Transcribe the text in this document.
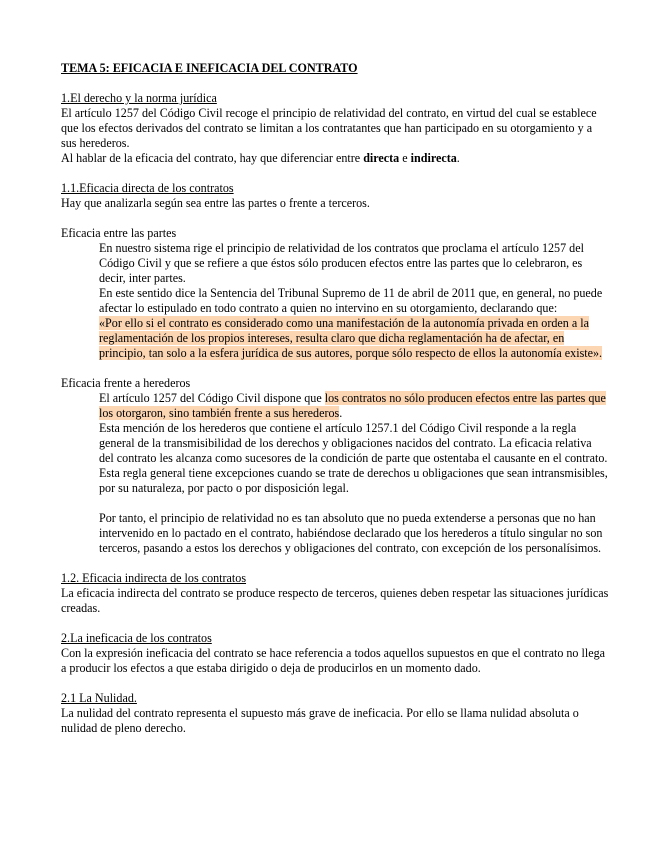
TEMA 5: EFICACIA E INEFICACIA DEL CONTRATO

1.El derecho y la norma jurídica

El artículo 1257 del Código Civil recoge el principio de relatividad del contrato, en virtud del cual se establece que los efectos derivados del contrato se limitan a los contratantes que han participado en su otorgamiento y a sus herederos.

Al hablar de la eficacia del contrato, hay que diferenciar entre directa e indirecta.

1.1.Eficacia directa de los contratos

Hay que analizarla según sea entre las partes o frente a terceros.

Eficacia entre las partes

En nuestro sistema rige el principio de relatividad de los contratos que proclama el artículo 1257 del Código Civil y que se refiere a que éstos sólo producen efectos entre las partes que lo celebraron, es decir, inter partes.

En este sentido dice la Sentencia del Tribunal Supremo de 11 de abril de 2011 que, en general, no puede afectar lo estipulado en todo contrato a quien no intervino en su otorgamiento, declarando que:

«Por ello si el contrato es considerado como una manifestación de la autonomía privada en orden a la reglamentación de los propios intereses, resulta claro que dicha reglamentación ha de afectar, en principio, tan solo a la esfera jurídica de sus autores, porque sólo respecto de ellos la autonomía existe».

Eficacia frente a herederos

El artículo 1257 del Código Civil dispone que los contratos no sólo producen efectos entre las partes que los otorgaron, sino también frente a sus herederos.

Esta mención de los herederos que contiene el artículo 1257.1 del Código Civil responde a la regla general de la transmisibilidad de los derechos y obligaciones nacidos del contrato. La eficacia relativa del contrato les alcanza como sucesores de la condición de parte que ostentaba el causante en el contrato.

Esta regla general tiene excepciones cuando se trate de derechos u obligaciones que sean intransmisibles, por su naturaleza, por pacto o por disposición legal.

Por tanto, el principio de relatividad no es tan absoluto que no pueda extenderse a personas que no han intervenido en lo pactado en el contrato, habiéndose declarado que los herederos a título singular no son terceros, pasando a estos los derechos y obligaciones del contrato, con excepción de los personalísimos.

1.2. Eficacia indirecta de los contratos

La eficacia indirecta del contrato se produce respecto de terceros, quienes deben respetar las situaciones jurídicas creadas.

2.La ineficacia de los contratos

Con la expresión ineficacia del contrato se hace referencia a todos aquellos supuestos en que el contrato no llega a producir los efectos a que estaba dirigido o deja de producirlos en un momento dado.

2.1 La Nulidad.

La nulidad del contrato representa el supuesto más grave de ineficacia. Por ello se llama nulidad absoluta o nulidad de pleno derecho.
